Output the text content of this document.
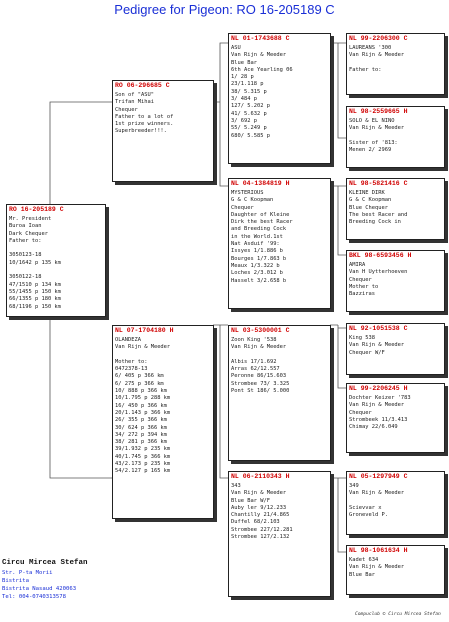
Pedigree for Pigeon: RO 16-205189 C
RO 16-205189 C
Mr. President
Buroa Ioan
Dark Chequer
Father to:

3050123-18
10/1642 p 135 km

3050122-18
47/1510 p 134 km
55/1455 p 150 km
66/1355 p 180 km
68/1196 p 150 km
RO 06-296685 C
Son of "ASU"
Trifan Mihai
Chequer
Father to a lot of
1st prize winners.
Superbreeder!!!.
NL 07-1704180 H
OLANDEZA
Van Rijn & Meeder

Mother to:
0472378-13
6/ 405 p 366 km
6/ 275 p 366 km
10/ 888 p 366 km
10/1.795 p 288 km
16/ 450 p 366 km
20/1.143 p 366 km
26/ 355 p 366 km
30/ 624 p 366 km
34/ 272 p 394 km
38/ 281 p 366 km
39/1.932 p 235 km
40/1.745 p 366 km
43/2.173 p 235 km
54/2.127 p 165 km
NL 01-1743688 C
ASU
Van Rijn & Meeder
Blue Bar
6th Ace Yearling 06
1/ 28 p
23/1.118 p
38/ 5.315 p
3/ 484 p
127/ 5.202 p
41/ 5.632 p
3/ 692 p
55/ 5.249 p
680/ 5.585 p
NL 04-1384819 H
MYSTERIOUS
G & C Koopman
Chequer
Daughter of Kleine
Dirk the best Racer
and Breeding Cock
in the World.1st
Nat Asduif '99:
Issyes 1/1.886 b
Bourges 1/7.863 b
Meaux 1/3.322 b
Loches 2/3.012 b
Hasselt 3/2.658 b
NL 03-5300001 C
Zoon King '538
Van Rijn & Meeder

Albis 17/1.692
Arras 62/12.557
Peronne 86/15.603
Strombee 73/ 3.325
Pont St 186/ 5.000
NL 06-2110343 H
343
Van Rijn & Meeder
Blue Bar W/F
Auby ler 9/12.233
Chantilly 21/4.865
Duffel 68/2.103
Strombee 227/12.281
Strombee 127/2.132
NL 99-2206300 C
LAUREANS '300
Van Rijn & Meeder

Father to:
NL 98-2559665 H
SOLO & EL NINO
Van Rijn & Meeder

Sister of '813:
Menen 2/ 2969
NL 98-5821416 C
KLEINE DIRK
G & C Koopman
Blue Chequer
The best Racer and
Breeding Cock in
BKL 98-6593456 H
AMIRA
Van H Uytterhoeven
Chequer
Mother to
Bazziras
NL 92-1051538 C
King 538
Van Rijn & Meeder
Chequer W/F
NL 99-2206245 H
Dochter Keizer '783
Van Rijn & Meeder
Chequer
Strombeek 11/3.413
Chimay 22/6.049
NL 05-1297949 C
349
Van Rijn & Meeder

Scievvar x
Groneveld P.
NL 98-1061634 H
Kadet 634
Van Rijn & Meeder
Blue Bar
Circu Mircea Stefan
Str. P-ta Morii
Bistrita
Bistrita Nasaud 420063
Tel: 004-0740313578
Compuclub © Circu Mircea Stefan
